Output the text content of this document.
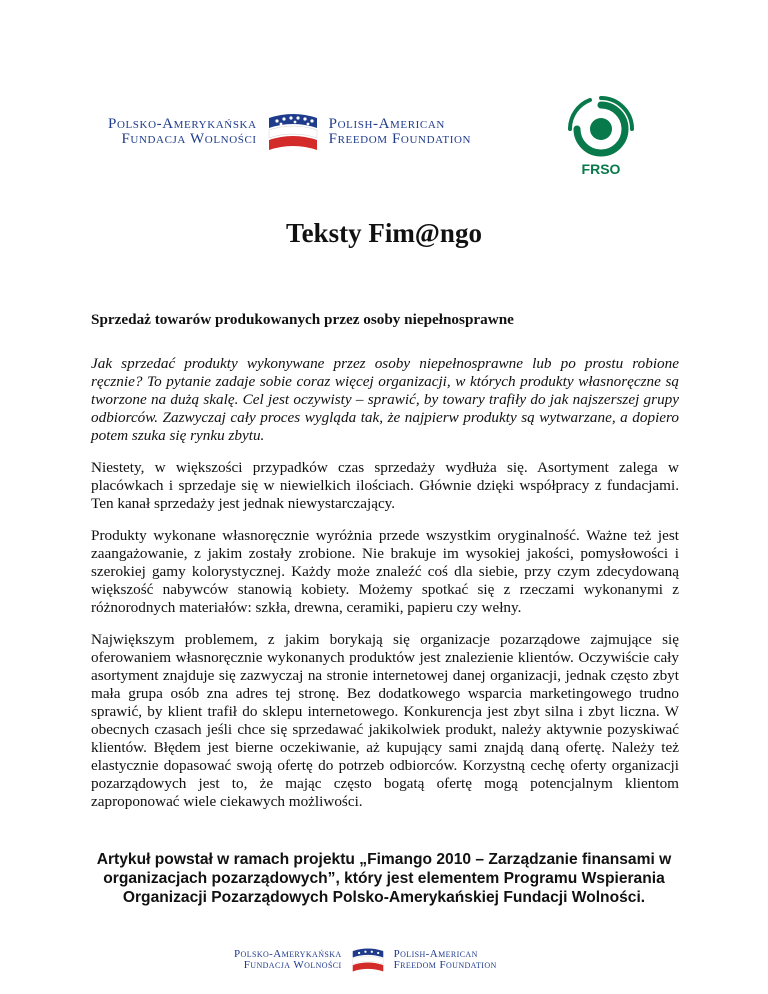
Polsko-Amerykańska
Fundacja Wolności
Polish-American
Freedom Foundation
FRSO
Teksty Fim@ngo

Sprzedaż towarów produkowanych przez osoby niepełnosprawne

Jak sprzedać produkty wykonywane przez osoby niepełnosprawne lub po prostu robione ręcznie? To pytanie zadaje sobie coraz więcej organizacji, w których produkty własnoręczne są tworzone na dużą skalę. Cel jest oczywisty – sprawić, by towary trafiły do jak najszerszej grupy odbiorców. Zazwyczaj cały proces wygląda tak, że najpierw produkty są wytwarzane, a dopiero potem szuka się rynku zbytu.

Niestety, w większości przypadków czas sprzedaży wydłuża się. Asortyment zalega w placówkach i sprzedaje się w niewielkich ilościach. Głównie dzięki współpracy z fundacjami. Ten kanał sprzedaży jest jednak niewystarczający.

Produkty wykonane własnoręcznie wyróżnia przede wszystkim oryginalność. Ważne też jest zaangażowanie, z jakim zostały zrobione. Nie brakuje im wysokiej jakości, pomysłowości i szerokiej gamy kolorystycznej. Każdy może znaleźć coś dla siebie, przy czym zdecydowaną większość nabywców stanowią kobiety. Możemy spotkać się z rzeczami wykonanymi z różnorodnych materiałów: szkła, drewna, ceramiki, papieru czy wełny.

Największym problemem, z jakim borykają się organizacje pozarządowe zajmujące się oferowaniem własnoręcznie wykonanych produktów jest znalezienie klientów. Oczywiście cały asortyment znajduje się zazwyczaj na stronie internetowej danej organizacji, jednak często zbyt mała grupa osób zna adres tej stronę. Bez dodatkowego wsparcia marketingowego trudno sprawić, by klient trafił do sklepu internetowego. Konkurencja jest zbyt silna i zbyt liczna. W obecnych czasach jeśli chce się sprzedawać jakikolwiek produkt, należy aktywnie pozyskiwać klientów. Błędem jest bierne oczekiwanie, aż kupujący sami znajdą daną ofertę. Należy też elastycznie dopasować swoją ofertę do potrzeb odbiorców. Korzystną cechę oferty organizacji pozarządowych jest to, że mając często bogatą ofertę mogą potencjalnym klientom zaproponować wiele ciekawych możliwości.

Artykuł powstał w ramach projektu „Fimango 2010 – Zarządzanie finansami w
organizacjach pozarządowych”, który jest elementem Programu Wspierania
Organizacji Pozarządowych Polsko-Amerykańskiej Fundacji Wolności.
Polsko-Amerykańska
Fundacja Wolności
Polish-American
Freedom Foundation
